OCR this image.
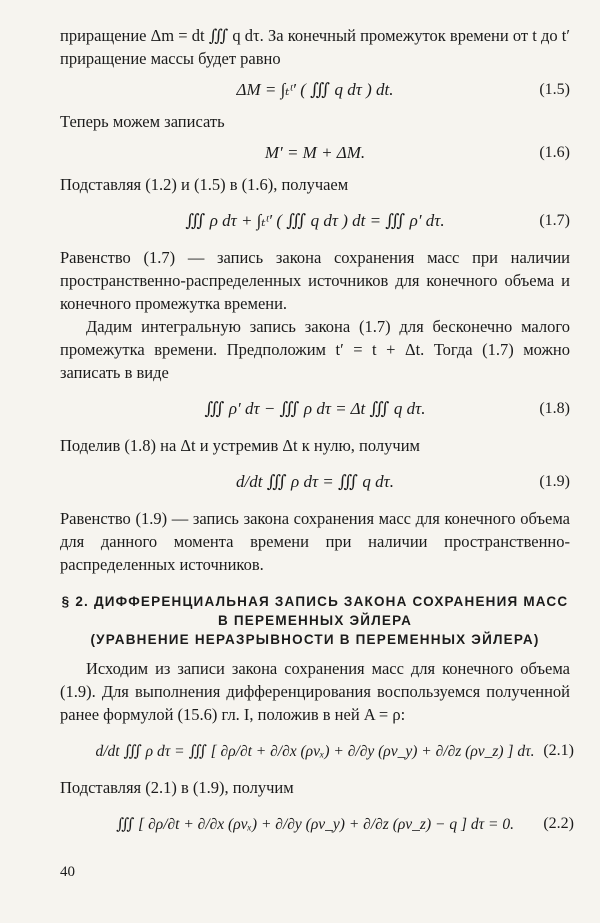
приращение Δm = dt ∭ q dτ. За конечный промежуток времени от t до t′ приращение массы будет равно

ΔM = ∫ₜᵗ′ ( ∭ q dτ ) dt.	(1.5)

Теперь можем записать

M′ = M + ΔM.	(1.6)

Подставляя (1.2) и (1.5) в (1.6), получаем

∭ ρ dτ + ∫ₜᵗ′ ( ∭ q dτ ) dt = ∭ ρ′ dτ.	(1.7)

Равенство (1.7) — запись закона сохранения масс при наличии пространственно-распределенных источников для конечного объема и конечного промежутка времени.

Дадим интегральную запись закона (1.7) для бесконечно малого промежутка времени. Предположим t′ = t + Δt. Тогда (1.7) можно записать в виде

∭ ρ′ dτ − ∭ ρ dτ = Δt ∭ q dτ.	(1.8)

Поделив (1.8) на Δt и устремив Δt к нулю, получим

d/dt ∭ ρ dτ = ∭ q dτ.	(1.9)

Равенство (1.9) — запись закона сохранения масс для конечного объема для данного момента времени при наличии пространственно-распределенных источников.

§ 2. ДИФФЕРЕНЦИАЛЬНАЯ ЗАПИСЬ ЗАКОНА СОХРАНЕНИЯ МАСС
В ПЕРЕМЕННЫХ ЭЙЛЕРА
(УРАВНЕНИЕ НЕРАЗРЫВНОСТИ В ПЕРЕМЕННЫХ ЭЙЛЕРА)

Исходим из записи закона сохранения масс для конечного объема (1.9). Для выполнения дифференцирования воспользуемся полученной ранее формулой (15.6) гл. I, положив в ней A = ρ:

d/dt ∭ ρ dτ = ∭ [ ∂ρ/∂t + ∂/∂x (ρvₓ) + ∂/∂y (ρv_y) + ∂/∂z (ρv_z) ] dτ. (2.1)

Подставляя (2.1) в (1.9), получим

∭ [ ∂ρ/∂t + ∂/∂x (ρvₓ) + ∂/∂y (ρv_y) + ∂/∂z (ρv_z) − q ] dτ = 0. (2.2)
40
